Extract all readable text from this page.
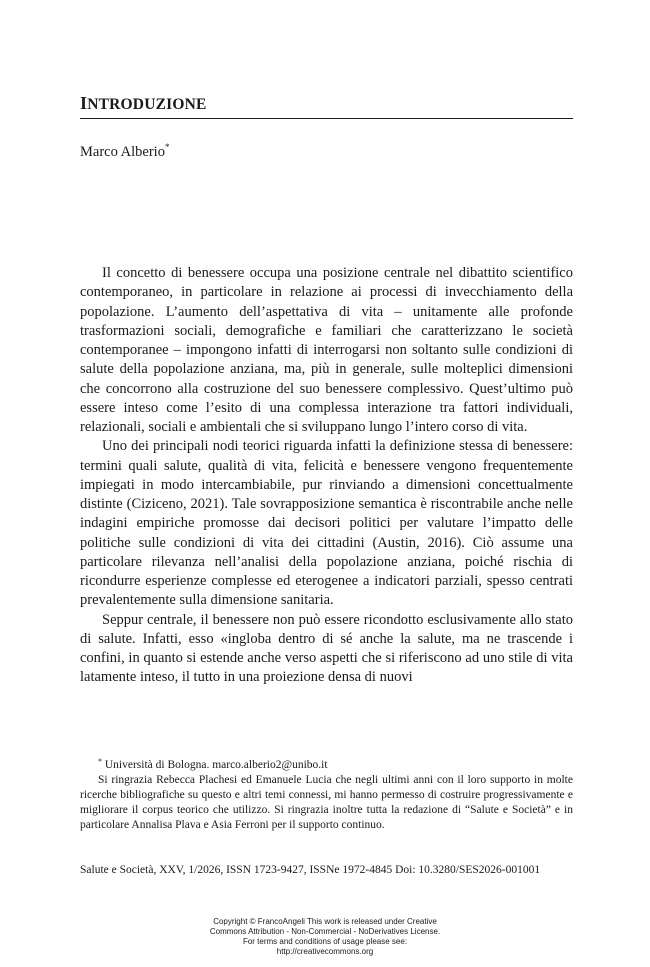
INTRODUZIONE
Marco Alberio*

Il concetto di benessere occupa una posizione centrale nel dibattito scientifico contemporaneo, in particolare in relazione ai processi di invecchiamento della popolazione. L’aumento dell’aspettativa di vita – unitamente alle profonde trasformazioni sociali, demografiche e familiari che caratterizzano le società contemporanee – impongono infatti di interrogarsi non soltanto sulle condizioni di salute della popolazione anziana, ma, più in generale, sulle molteplici dimensioni che concorrono alla costruzione del suo benessere complessivo. Quest’ultimo può essere inteso come l’esito di una complessa interazione tra fattori individuali, relazionali, sociali e ambientali che si sviluppano lungo l’intero corso di vita.

Uno dei principali nodi teorici riguarda infatti la definizione stessa di benessere: termini quali salute, qualità di vita, felicità e benessere vengono frequentemente impiegati in modo intercambiabile, pur rinviando a dimensioni concettualmente distinte (Ciziceno, 2021). Tale sovrapposizione semantica è riscontrabile anche nelle indagini empiriche promosse dai decisori politici per valutare l’impatto delle politiche sulle condizioni di vita dei cittadini (Austin, 2016). Ciò assume una particolare rilevanza nell’analisi della popolazione anziana, poiché rischia di ricondurre esperienze complesse ed eterogenee a indicatori parziali, spesso centrati prevalentemente sulla dimensione sanitaria.

Seppur centrale, il benessere non può essere ricondotto esclusivamente allo stato di salute. Infatti, esso «ingloba dentro di sé anche la salute, ma ne trascende i confini, in quanto si estende anche verso aspetti che si riferiscono ad uno stile di vita latamente inteso, il tutto in una proiezione densa di nuovi

* Università di Bologna. marco.alberio2@unibo.it

Si ringrazia Rebecca Plachesi ed Emanuele Lucia che negli ultimi anni con il loro supporto in molte ricerche bibliografiche su questo e altri temi connessi, mi hanno permesso di costruire progressivamente e migliorare il corpus teorico che utilizzo. Si ringrazia inoltre tutta la redazione di “Salute e Società” e in particolare Annalisa Plava e Asia Ferroni per il supporto continuo.

Salute e Società, XXV, 1/2026, ISSN 1723-9427, ISSNe 1972-4845 Doi: 10.3280/SES2026-001001
Copyright © FrancoAngeli This work is released under Creative
Commons Attribution - Non-Commercial - NoDerivatives License.
For terms and conditions of usage please see:
http://creativecommons.org
